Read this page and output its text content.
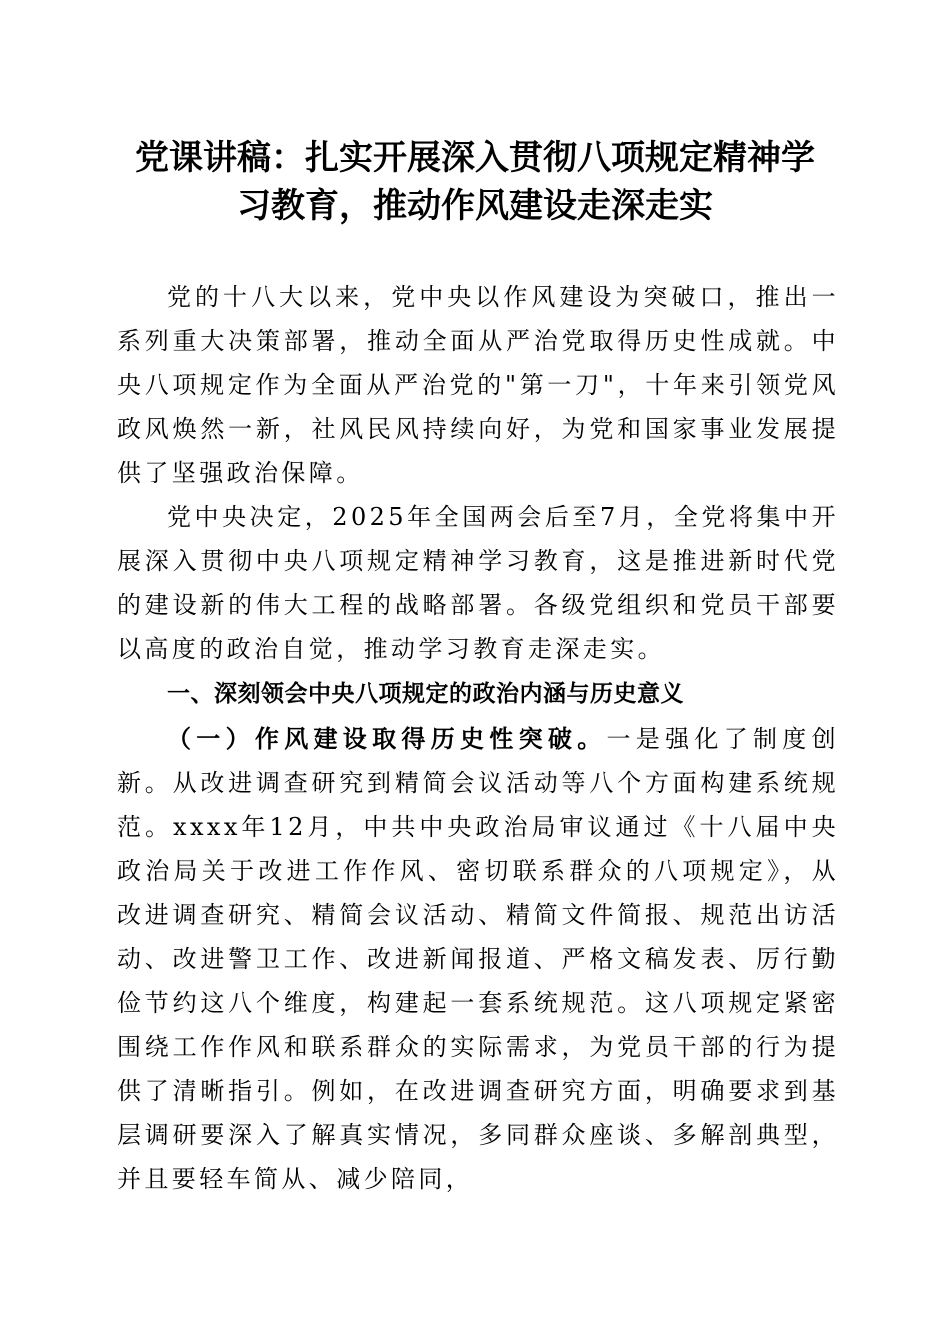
党课讲稿：扎实开展深入贯彻八项规定精神学
习教育，推动作风建设走深走实

党的十八大以来，党中央以作风建设为突破口，推出一系列重大决策部署，推动全面从严治党取得历史性成就。中央八项规定作为全面从严治党的"第一刀"，十年来引领党风政风焕然一新，社风民风持续向好，为党和国家事业发展提供了坚强政治保障。

党中央决定，2025年全国两会后至7月，全党将集中开展深入贯彻中央八项规定精神学习教育，这是推进新时代党的建设新的伟大工程的战略部署。各级党组织和党员干部要以高度的政治自觉，推动学习教育走深走实。

一、深刻领会中央八项规定的政治内涵与历史意义

（一）作风建设取得历史性突破。一是强化了制度创新。从改进调查研究到精简会议活动等八个方面构建系统规范。xxxx年12月，中共中央政治局审议通过《十八届中央政治局关于改进工作作风、密切联系群众的八项规定》，从改进调查研究、精简会议活动、精简文件简报、规范出访活动、改进警卫工作、改进新闻报道、严格文稿发表、厉行勤俭节约这八个维度，构建起一套系统规范。这八项规定紧密围绕工作作风和联系群众的实际需求，为党员干部的行为提供了清晰指引。例如，在改进调查研究方面，明确要求到基层调研要深入了解真实情况，多同群众座谈、多解剖典型，并且要轻车简从、减少陪同，
